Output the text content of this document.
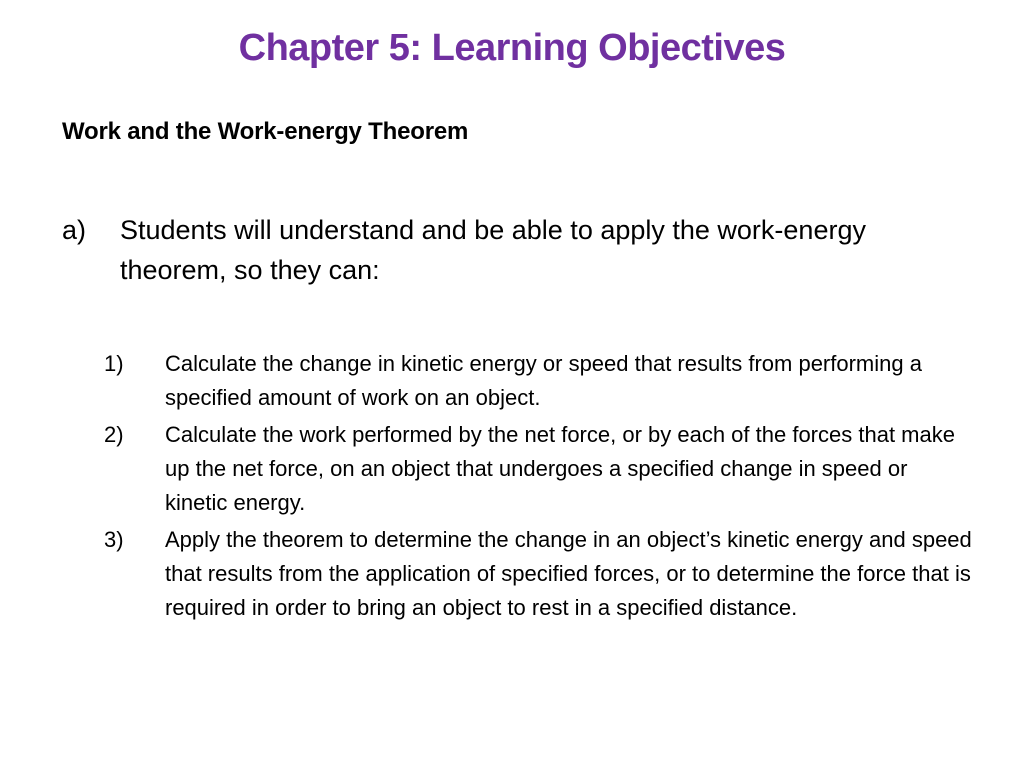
Chapter 5: Learning Objectives
Work and the Work-energy Theorem
a) Students will understand and be able to apply the work-energy theorem, so they can:
1) Calculate the change in kinetic energy or speed that results from performing a specified amount of work on an object.
2) Calculate the work performed by the net force, or by each of the forces that make up the net force, on an object that undergoes a specified change in speed or kinetic energy.
3) Apply the theorem to determine the change in an object’s kinetic energy and speed that results from the application of specified forces, or to determine the force that is required in order to bring an object to rest in a specified distance.
